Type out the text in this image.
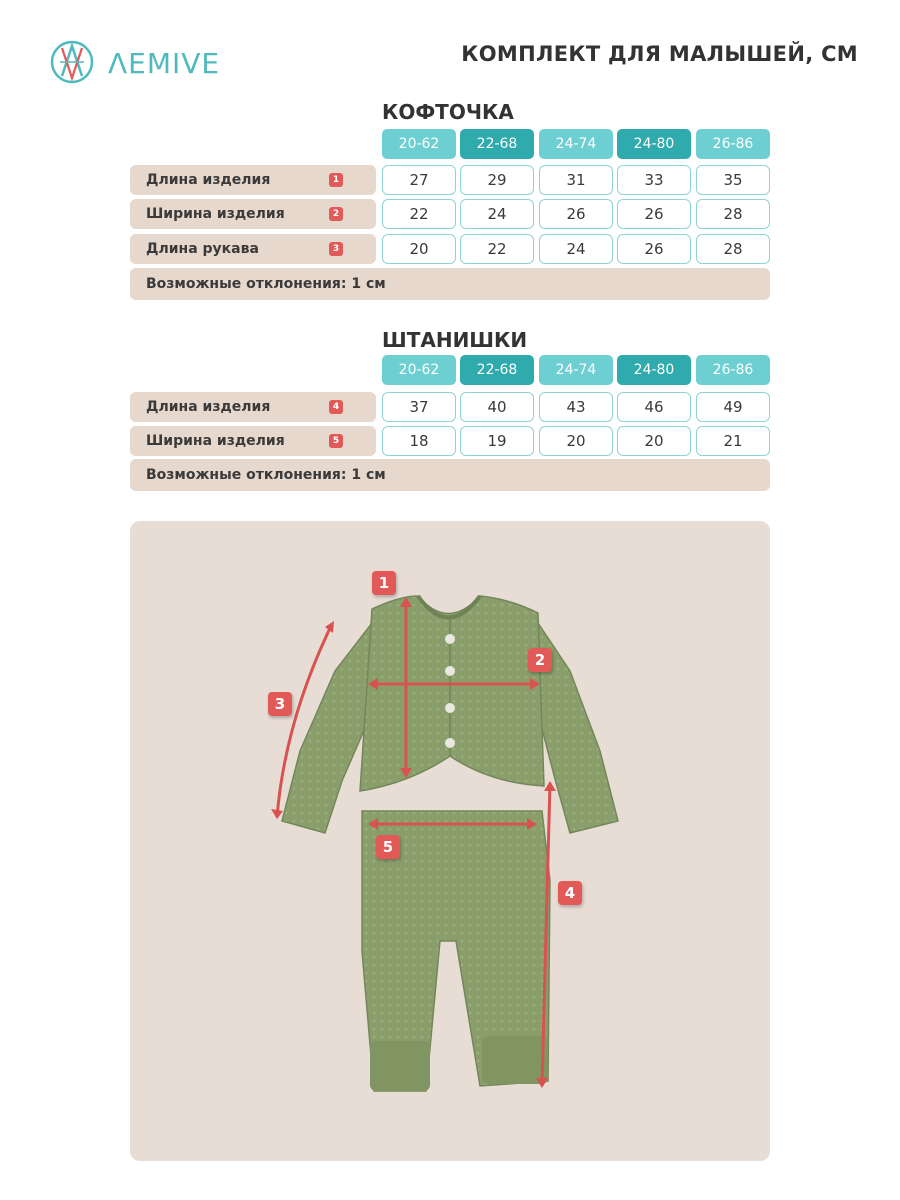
ΛEMIVE	КОМПЛЕКТ ДЛЯ МАЛЫШЕЙ, СМ
КОФТОЧКА
20-62	22-68	24-74	24-80	26-86
Длина изделия	1	27	29	31	33	35
Ширина изделия	2	22	24	26	26	28
Длина рукава	3	20	22	24	26	28
Возможные отклонения: 1 см
ШТАНИШКИ
20-62	22-68	24-74	24-80	26-86
Длина изделия	4	37	40	43	46	49
Ширина изделия	5	18	19	20	20	21
Возможные отклонения: 1 см
1
2
3
4
5
